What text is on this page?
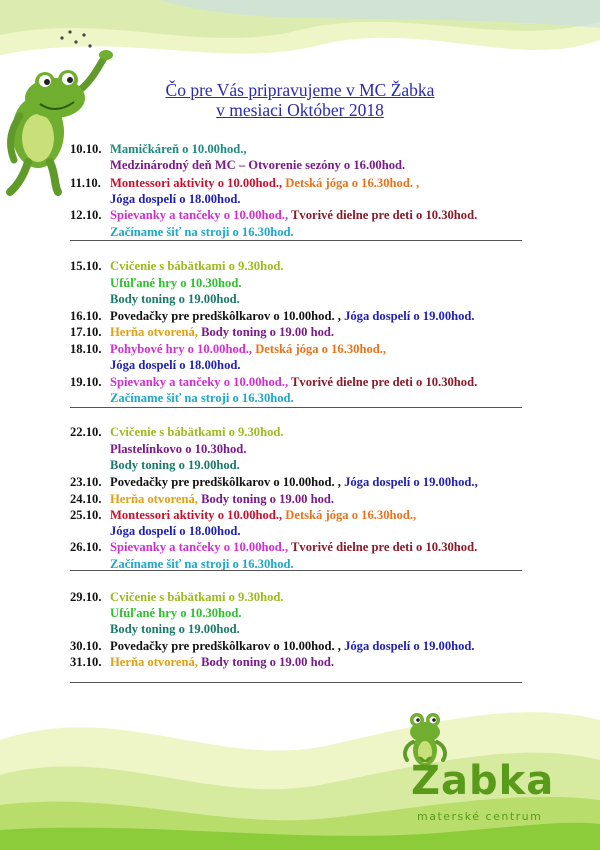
Čo pre Vás pripravujeme v MC Žabka
v mesiaci Október 2018
10.10. Mamičkáreň o 10.00hod.,
Medzinárodný deň MC – Otvorenie sezóny o 16.00hod.
11.10. Montessori aktivity o 10.00hod., Detská jóga o 16.30hod. ,
Jóga dospelí o 18.00hod.
12.10. Spievanky a tančeky o 10.00hod., Tvorivé dielne pre deti o 10.30hod.
Začíname šiť na stroji o 16.30hod.
15.10. Cvičenie s bábätkami o 9.30hod.
Ufúľané hry o 10.30hod.
Body toning o 19.00hod.
16.10. Povedačky pre predškôlkarov o 10.00hod. , Jóga dospelí o 19.00hod.
17.10. Herňa otvorená, Body toning o 19.00 hod.
18.10. Pohybové hry o 10.00hod., Detská jóga o 16.30hod.,
Jóga dospelí o 18.00hod.
19.10. Spievanky a tančeky o 10.00hod., Tvorivé dielne pre deti o 10.30hod.
Začíname šiť na stroji o 16.30hod.
22.10. Cvičenie s bábätkami o 9.30hod.
Plastelínkovo o 10.30hod.
Body toning o 19.00hod.
23.10. Povedačky pre predškôlkarov o 10.00hod. , Jóga dospelí o 19.00hod.,
24.10. Herňa otvorená, Body toning o 19.00 hod.
25.10. Montessori aktivity o 10.00hod., Detská jóga o 16.30hod.,
Jóga dospelí o 18.00hod.
26.10. Spievanky a tančeky o 10.00hod., Tvorivé dielne pre deti o 10.30hod.
Začíname šiť na stroji o 16.30hod.
29.10. Cvičenie s bábätkami o 9.30hod.
Ufúľané hry o 10.30hod.
Body toning o 19.00hod.
30.10. Povedačky pre predškôlkarov o 10.00hod. , Jóga dospelí o 19.00hod.
31.10. Herňa otvorená, Body toning o 19.00 hod.
Žabka
materské centrum
